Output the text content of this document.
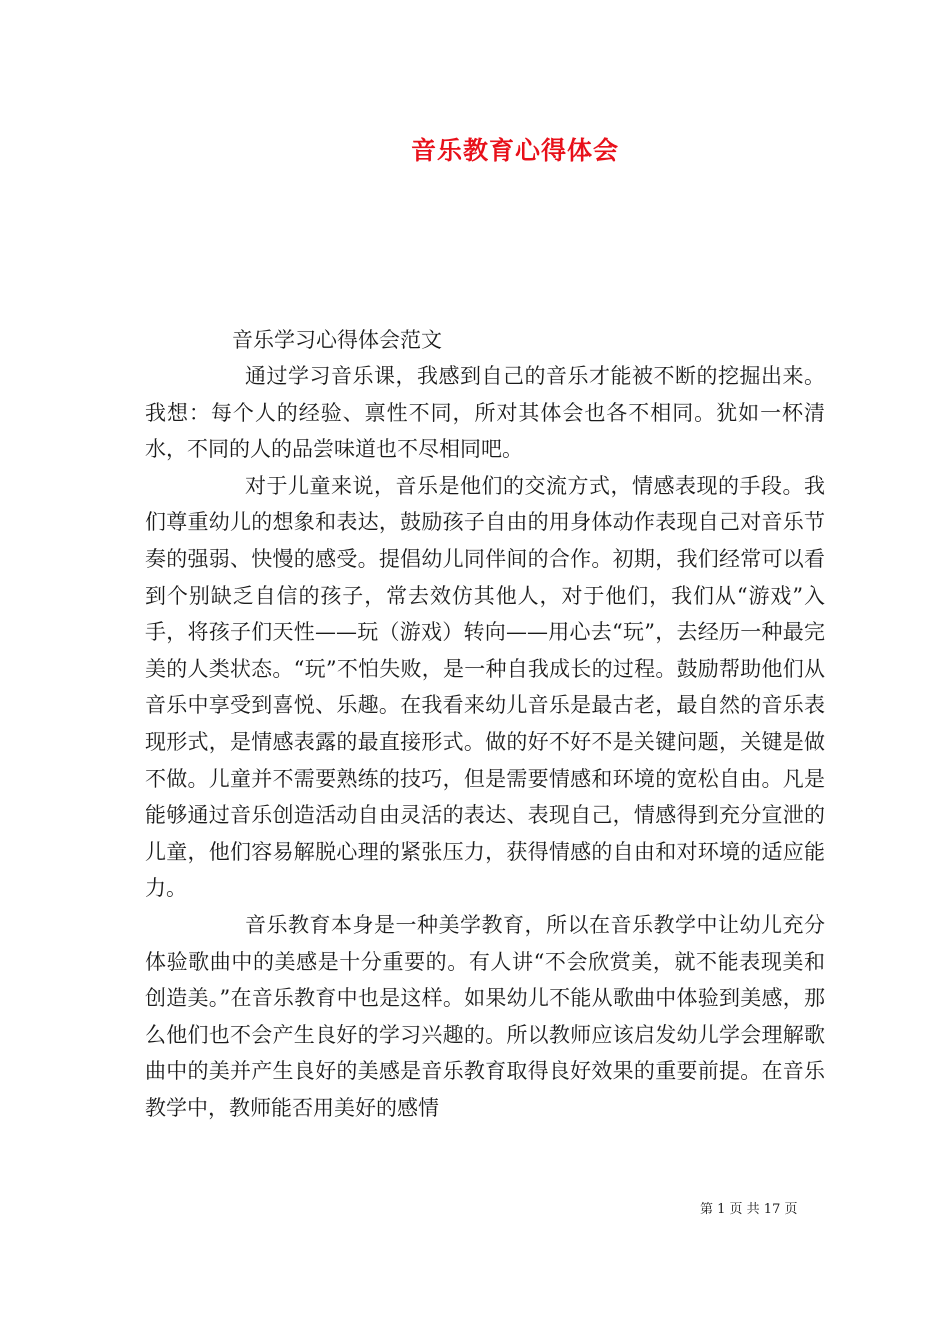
音乐教育心得体会
音乐学习心得体会范文

通过学习音乐课，我感到自己的音乐才能被不断的挖掘出来。我想：每个人的经验、禀性不同，所对其体会也各不相同。犹如一杯清水，不同的人的品尝味道也不尽相同吧。

对于儿童来说，音乐是他们的交流方式，情感表现的手段。我们尊重幼儿的想象和表达，鼓励孩子自由的用身体动作表现自己对音乐节奏的强弱、快慢的感受。提倡幼儿同伴间的合作。初期，我们经常可以看到个别缺乏自信的孩子，常去效仿其他人，对于他们，我们从“游戏”入手，将孩子们天性——玩（游戏）转向——用心去“玩”，去经历一种最完美的人类状态。“玩”不怕失败，是一种自我成长的过程。鼓励帮助他们从音乐中享受到喜悦、乐趣。在我看来幼儿音乐是最古老，最自然的音乐表现形式，是情感表露的最直接形式。做的好不好不是关键问题，关键是做不做。儿童并不需要熟练的技巧，但是需要情感和环境的宽松自由。凡是能够通过音乐创造活动自由灵活的表达、表现自己，情感得到充分宣泄的儿童，他们容易解脱心理的紧张压力，获得情感的自由和对环境的适应能力。

音乐教育本身是一种美学教育，所以在音乐教学中让幼儿充分体验歌曲中的美感是十分重要的。有人讲“不会欣赏美，就不能表现美和创造美。”在音乐教育中也是这样。如果幼儿不能从歌曲中体验到美感，那么他们也不会产生良好的学习兴趣的。所以教师应该启发幼儿学会理解歌曲中的美并产生良好的美感是音乐教育取得良好效果的重要前提。在音乐教学中，教师能否用美好的感情

第 1 页 共 17 页
